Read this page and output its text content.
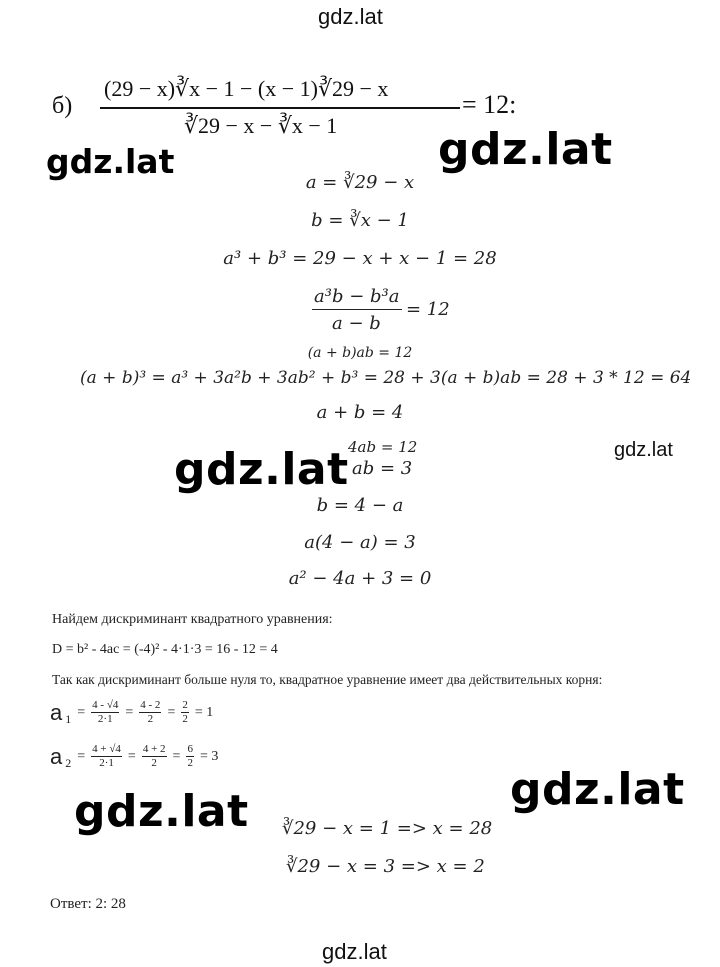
gdz.lat
gdz.lat	gdz.lat
gdz.lat	gdz.lat
gdz.lat	gdz.lat
gdz.lat
б)
(29 − x)∛x − 1 − (x − 1)∛29 − x
∛29 − x − ∛x − 1
= 12:
a = ∛29 − x
b = ∛x − 1
a³ + b³ = 29 − x + x − 1 = 28
a³b − b³a
a − b
= 12
(a + b)ab = 12
(a + b)³ = a³ + 3a²b + 3ab² + b³ = 28 + 3(a + b)ab = 28 + 3 * 12 = 64
a + b = 4
4ab = 12
ab = 3
b = 4 − a
a(4 − a) = 3
a² − 4a + 3 = 0
Найдем дискриминант квадратного уравнения:
D = b² - 4ac = (-4)² - 4·1·3 = 16 - 12 = 4
Так как дискриминант больше нуля то, квадратное уравнение имеет два действительных корня:
a $1 = \frac{4 - √4}{2\cdot 1} = \frac{4 - 2}{2} = \frac{2}{2} = 1$
a $2 = \frac{4 + √4}{2\cdot 1} = \frac{4 + 2}{2} = \frac{6}{2} = 3$
∛29 − x = 1 => x = 28
∛29 − x = 3 => x = 2
Ответ: 2: 28
